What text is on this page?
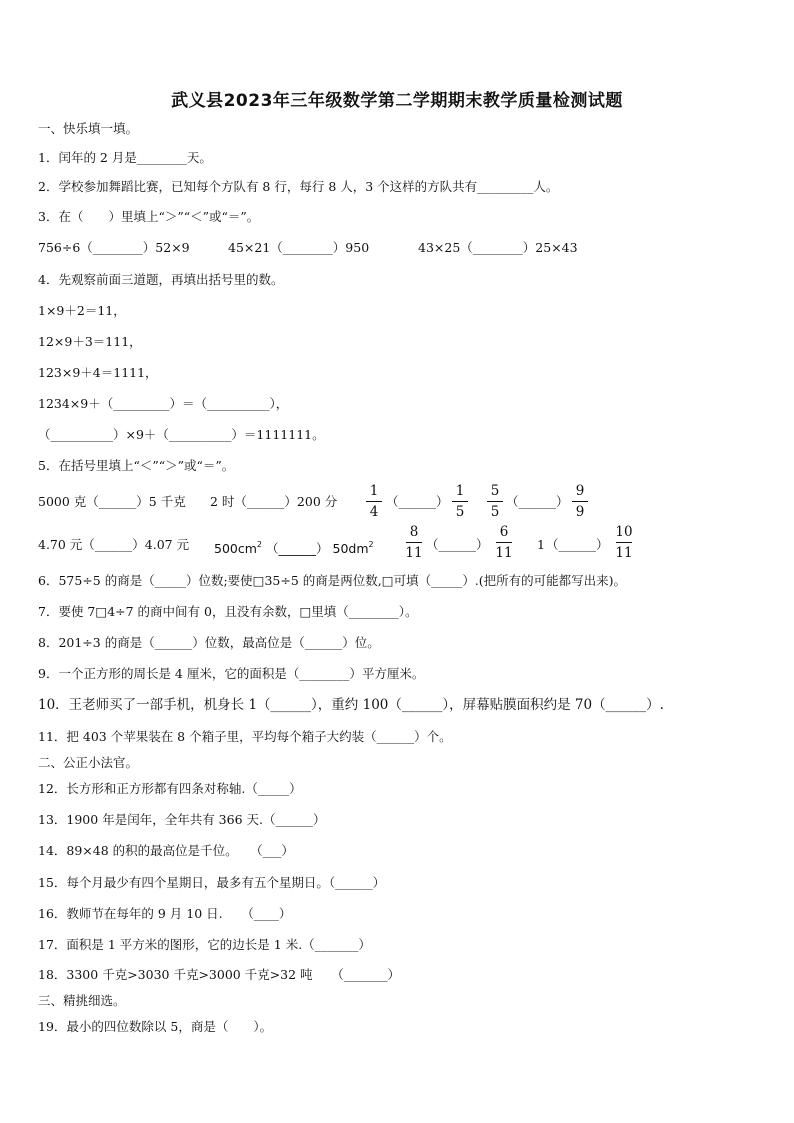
武义县2023年三年级数学第二学期期末教学质量检测试题
一、快乐填一填。
1．闰年的 2 月是________天。
2．学校参加舞蹈比赛，已知每个方队有 8 行，每行 8 人，3 个这样的方队共有_________人。
3．在（　　）里填上“＞”“＜”或“＝”。
756÷6（________）52×9	45×21（________）950	43×25（________）25×43
4．先观察前面三道题，再填出括号里的数。
1×9＋2＝11，
12×9＋3＝111，
123×9＋4＝1111，
1234×9＋（_________）＝（__________），
（__________）×9＋（__________）＝1111111。
5．在括号里填上“＜”“＞”或“＝”。
5000 克（______）5 千克 2 时（______）200 分
1
4
（______）
1
5
5
5
（______）
9
9
4.70 元（______）4.07 元 $500cm^2$ （______） $50dm^2$
8
11
（______）
6
11
1 （______）
10
11
6．575÷5 的商是（_____）位数;要使□35÷5 的商是两位数,□可填（_____）.(把所有的可能都写出来)。
7．要使 7□4÷7 的商中间有 0，且没有余数，□里填（________）。
8．201÷3 的商是（______）位数，最高位是（______）位。
9．一个正方形的周长是 4 厘米，它的面积是（________）平方厘米。
10．王老师买了一部手机，机身长 1（______），重约 100（______），屏幕贴膜面积约是 70（______）.
11．把 403 个苹果装在 8 个箱子里，平均每个箱子大约装（______）个。
二、公正小法官。
12．长方形和正方形都有四条对称轴.（_____）
13．1900 年是闰年，全年共有 366 天.（______）
14．89×48 的积的最高位是千位。　　（___）
15．每个月最少有四个星期日，最多有五个星期日。（______）
16．教师节在每年的 9 月 10 日.　　（____）
17．面积是 1 平方米的图形，它的边长是 1 米.（_______）
18．3300 千克>3030 千克>3000 千克>32 吨　　（_______）
三、精挑细选。
19．最小的四位数除以 5，商是（　　）。
